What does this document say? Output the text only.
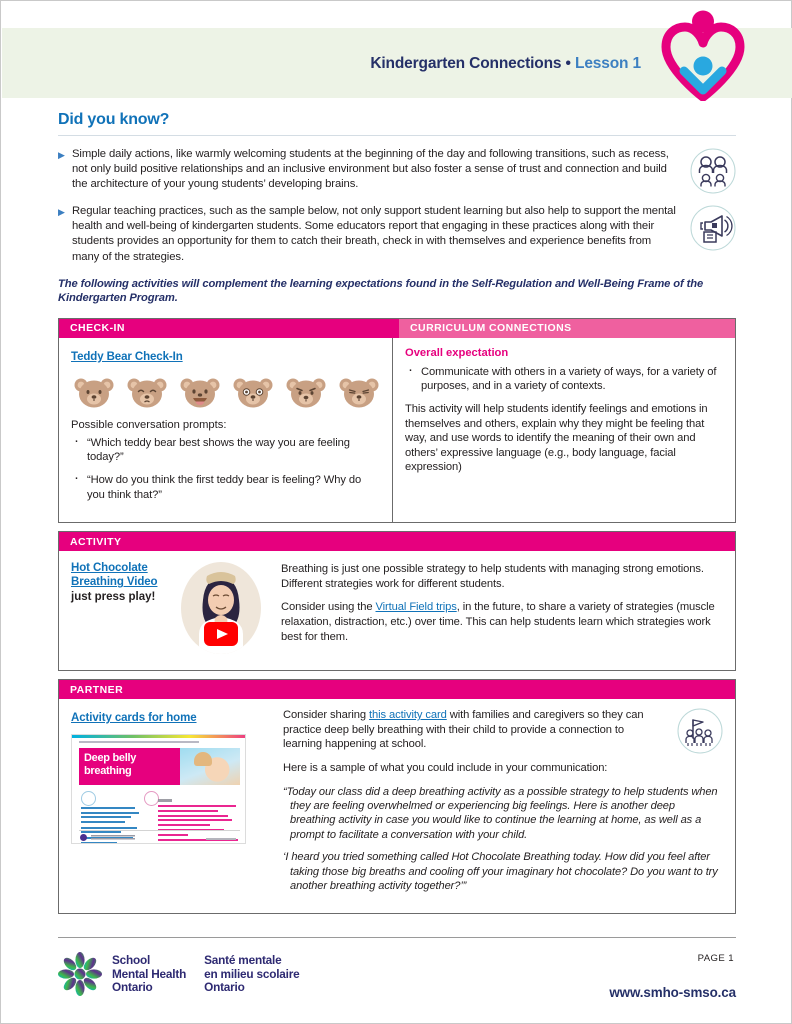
Kindergarten Connections • Lesson 1
Did you know?
▶ Simple daily actions, like warmly welcoming students at the beginning of the day and following transitions, such as recess, not only build positive relationships and an inclusive environment but also foster a sense of trust and connection and build the architecture of your young students’ developing brains.
▶ Regular teaching practices, such as the sample below, not only support student learning but also help to support the mental health and well-being of kindergarten students. Some educators report that engaging in these practices along with their students provides an opportunity for them to catch their breath, check in with themselves and experience benefits from many of the strategies.
The following activities will complement the learning expectations found in the Self-Regulation and Well-Being Frame of the Kindergarten Program.
CHECK-IN	CURRICULUM CONNECTIONS
Teddy Bear Check-In
Possible conversation prompts:
· “Which teddy bear best shows the way you are feeling today?”
· “How do you think the first teddy bear is feeling? Why do you think that?”
Overall expectation
· Communicate with others in a variety of ways, for a variety of purposes, and in a variety of contexts.
This activity will help students identify feelings and emotions in themselves and others, explain why they might be feeling that way, and use words to identify the meaning of their own and others’ expressive language (e.g., body language, facial expression)
ACTIVITY
Hot Chocolate
Breathing Video
just press play!

Breathing is just one possible strategy to help students with managing strong emotions. Different strategies work for different students.

Consider using the Virtual Field trips, in the future, to share a variety of strategies (muscle relaxation, distraction, etc.) over time. This can help students learn which strategies work best for them.

PARTNER
Activity cards for home
Deep belly
breathing

Consider sharing this activity card with families and caregivers so they can practice deep belly breathing with their child to provide a connection to learning happening at school.

Here is a sample of what you could include in your communication:

“Today our class did a deep breathing activity as a possible strategy to help students when they are feeling overwhelmed or experiencing big feelings. Here is another deep breathing activity in case you would like to continue the learning at home, as well as a prompt to facilitate a conversation with your child.

‘I heard you tried something called Hot Chocolate Breathing today. How did you feel after taking those big breaths and cooling off your imaginary hot chocolate? Do you want to try another breathing activity together?’”

School
Mental Health
Ontario
Santé mentale
en milieu scolaire
Ontario
PAGE 1
www.smho-smso.ca
